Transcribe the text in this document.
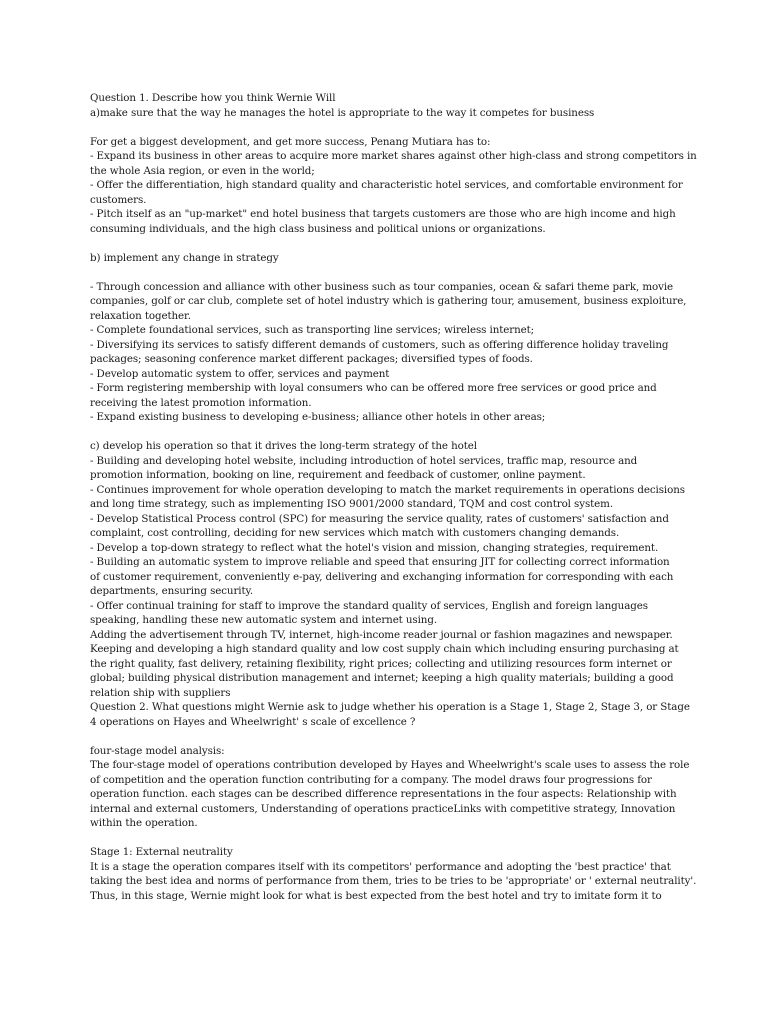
Question 1. Describe how you think Wernie Will
a)make sure that the way he manages the hotel is appropriate to the way it competes for business
For get a biggest development, and get more success, Penang Mutiara has to:
- Expand its business in other areas to acquire more market shares against other high-class and strong competitors in
the whole Asia region, or even in the world;
- Offer the differentiation, high standard quality and characteristic hotel services, and comfortable environment for
customers.
- Pitch itself as an "up-market" end hotel business that targets customers are those who are high income and high
consuming individuals, and the high class business and political unions or organizations.
b) implement any change in strategy
- Through concession and alliance with other business such as tour companies, ocean & safari theme park, movie
companies, golf or car club, complete set of hotel industry which is gathering tour, amusement, business exploiture,
relaxation together.
- Complete foundational services, such as transporting line services; wireless internet;
- Diversifying its services to satisfy different demands of customers, such as offering difference holiday traveling
packages; seasoning conference market different packages; diversified types of foods.
- Develop automatic system to offer, services and payment
- Form registering membership with loyal consumers who can be offered more free services or good price and
receiving the latest promotion information.
- Expand existing business to developing e-business; alliance other hotels in other areas;
c) develop his operation so that it drives the long-term strategy of the hotel
- Building and developing hotel website, including introduction of hotel services, traffic map, resource and
promotion information, booking on line, requirement and feedback of customer, online payment.
- Continues improvement for whole operation developing to match the market requirements in operations decisions
and long time strategy, such as implementing ISO 9001/2000 standard, TQM and cost control system.
- Develop Statistical Process control (SPC) for measuring the service quality, rates of customers' satisfaction and
complaint, cost controlling, deciding for new services which match with customers changing demands.
- Develop a top-down strategy to reflect what the hotel's vision and mission, changing strategies, requirement.
- Building an automatic system to improve reliable and speed that ensuring JIT for collecting correct information
of customer requirement, conveniently e-pay, delivering and exchanging information for corresponding with each
departments, ensuring security.
- Offer continual training for staff to improve the standard quality of services, English and foreign languages
speaking, handling these new automatic system and internet using.
Adding the advertisement through TV, internet, high-income reader journal or fashion magazines and newspaper.
Keeping and developing a high standard quality and low cost supply chain which including ensuring purchasing at
the right quality, fast delivery, retaining flexibility, right prices; collecting and utilizing resources form internet or
global; building physical distribution management and internet; keeping a high quality materials; building a good
relation ship with suppliers
Question 2. What questions might Wernie ask to judge whether his operation is a Stage 1, Stage 2, Stage 3, or Stage
4 operations on Hayes and Wheelwright' s scale of excellence ?
four-stage model analysis:
The four-stage model of operations contribution developed by Hayes and Wheelwright's scale uses to assess the role
of competition and the operation function contributing for a company. The model draws four progressions for
operation function. each stages can be described difference representations in the four aspects: Relationship with
internal and external customers, Understanding of operations practiceLinks with competitive strategy, Innovation
within the operation.
Stage 1: External neutrality
It is a stage the operation compares itself with its competitors' performance and adopting the 'best practice' that
taking the best idea and norms of performance from them, tries to be tries to be 'appropriate' or ' external neutrality'.
Thus, in this stage, Wernie might look for what is best expected from the best hotel and try to imitate form it to
